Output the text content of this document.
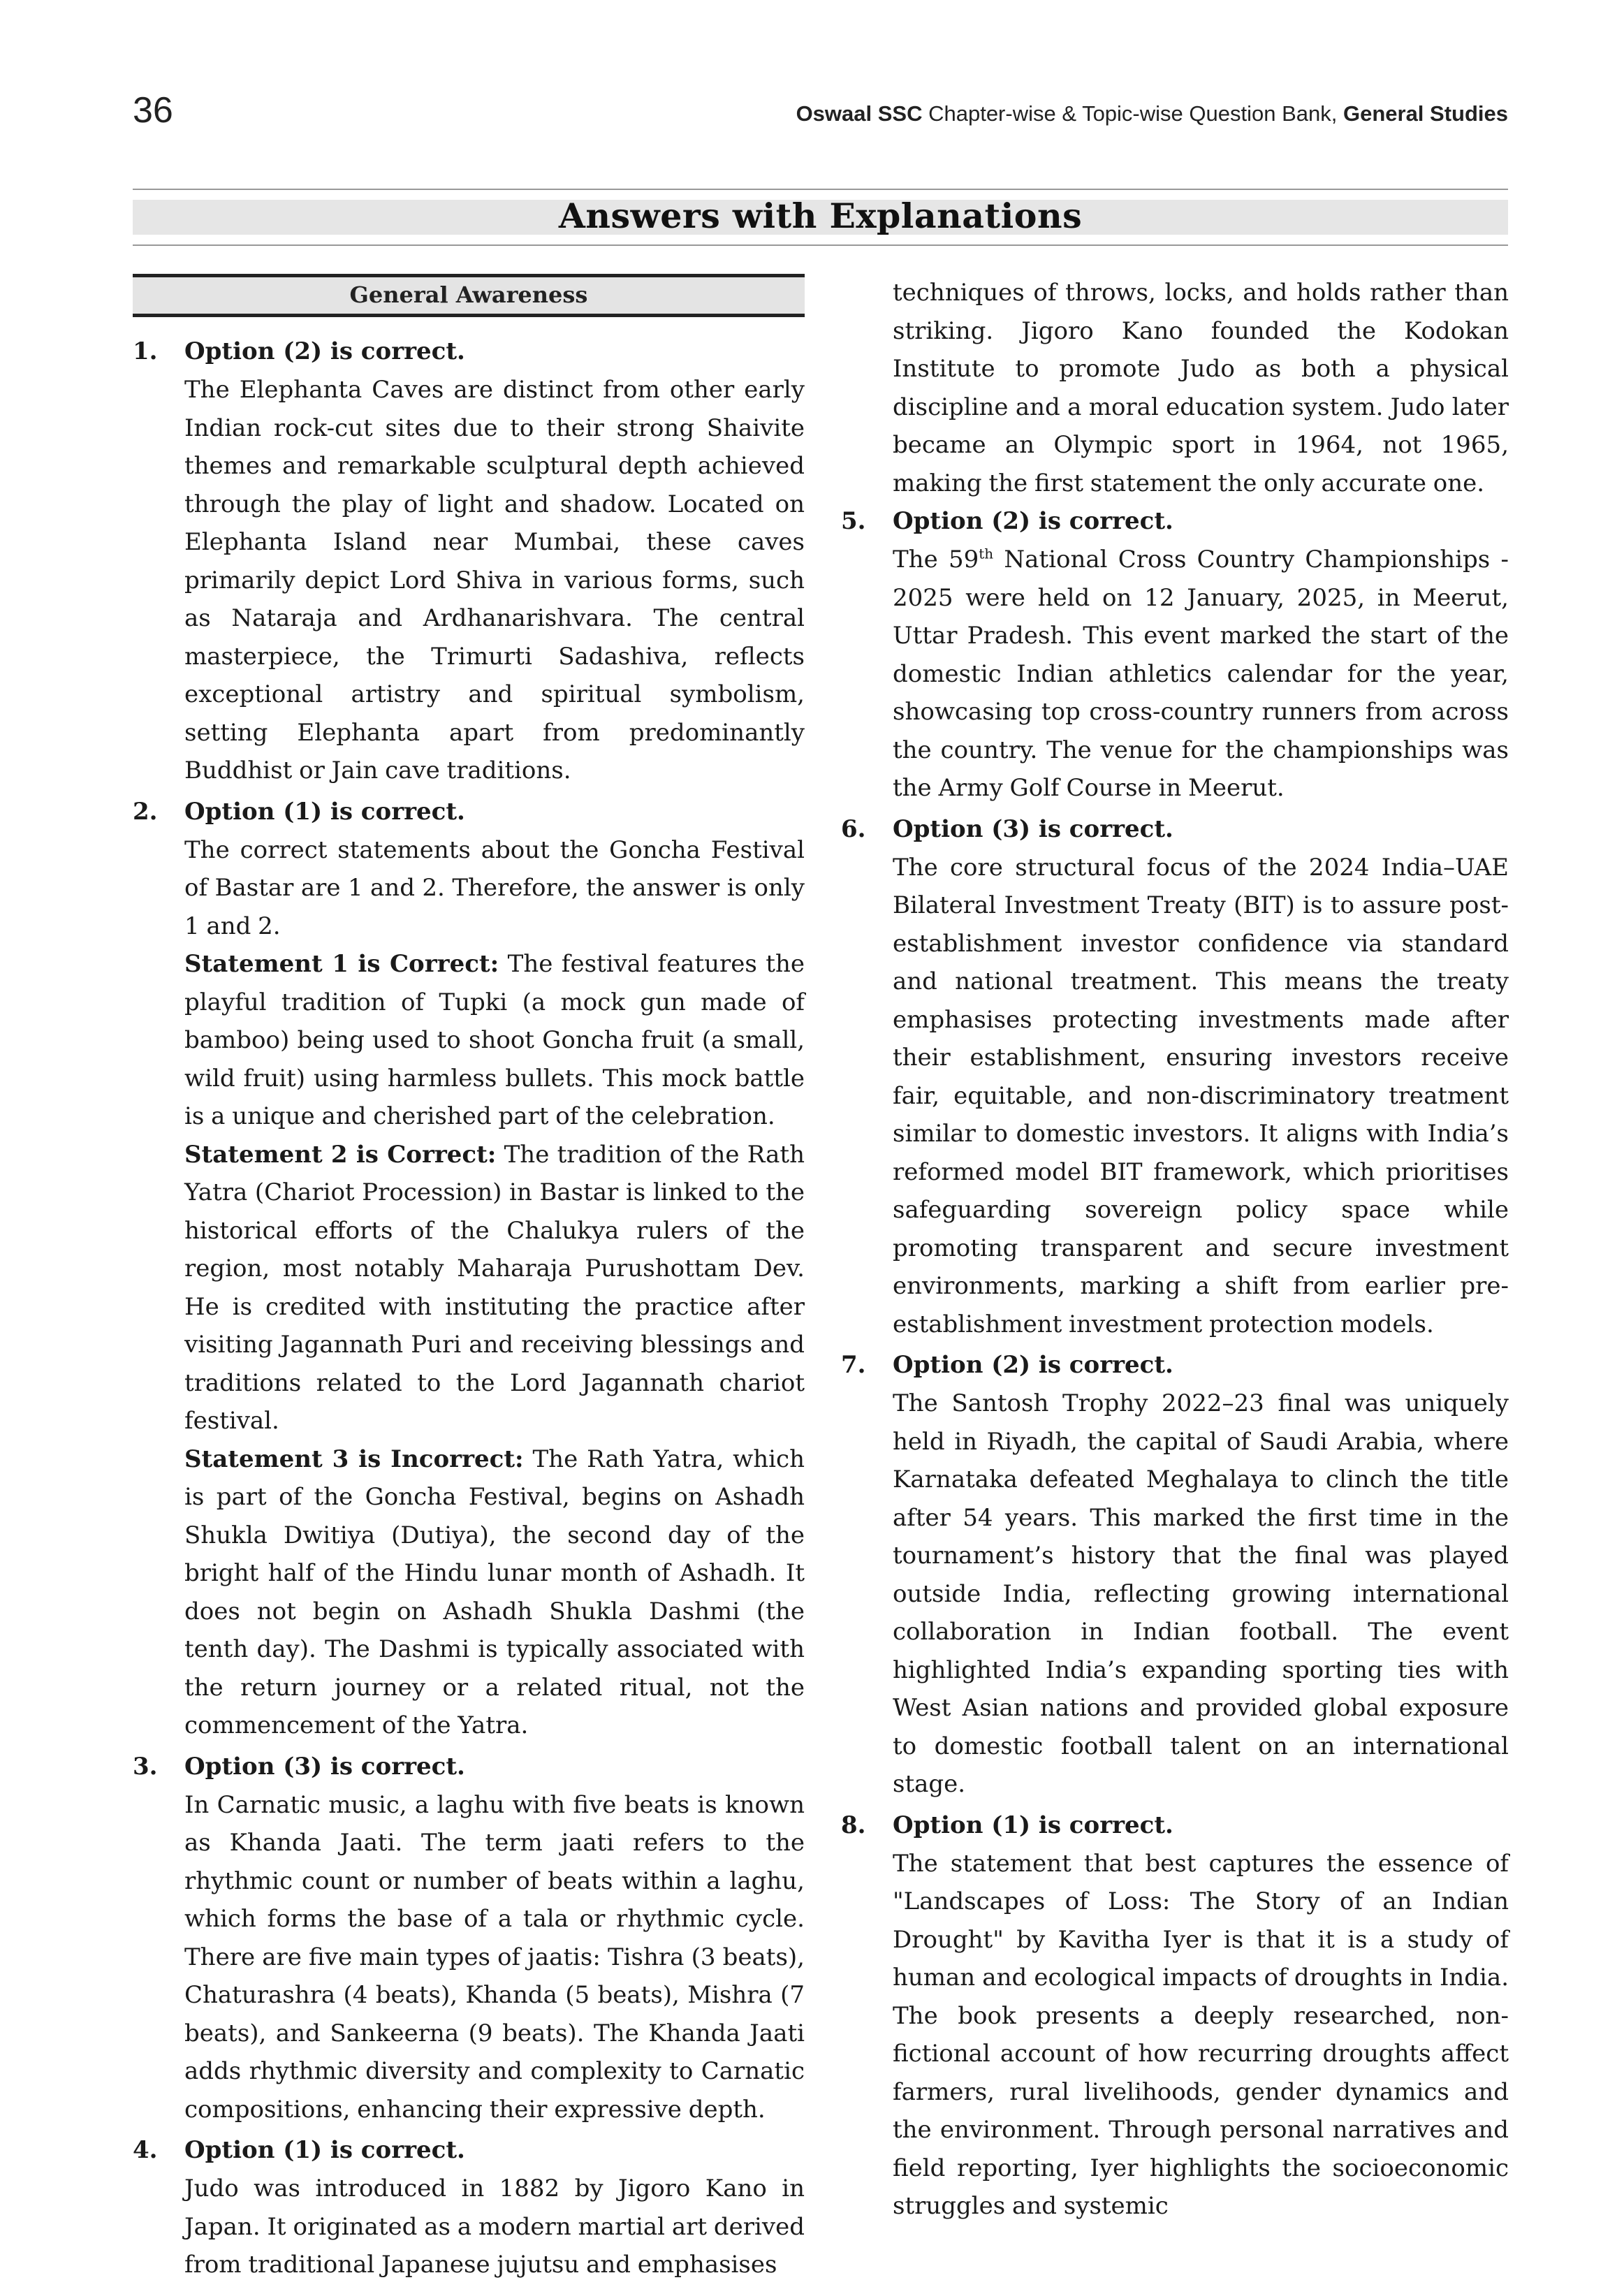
36	Oswaal SSC Chapter-wise & Topic-wise Question Bank, General Studies
Answers with Explanations
General Awareness
1. Option (2) is correct.

The Elephanta Caves are distinct from other early Indian rock-cut sites due to their strong Shaivite themes and remarkable sculptural depth achieved through the play of light and shadow. Located on Elephanta Island near Mumbai, these caves primarily depict Lord Shiva in various forms, such as Nataraja and Ardhanarishvara. The central masterpiece, the Trimurti Sadashiva, reflects exceptional artistry and spiritual symbolism, setting Elephanta apart from predominantly Buddhist or Jain cave traditions.

2. Option (1) is correct.

The correct statements about the Goncha Festival of Bastar are 1 and 2. Therefore, the answer is only 1 and 2.

Statement 1 is Correct: The festival features the playful tradition of Tupki (a mock gun made of bamboo) being used to shoot Goncha fruit (a small, wild fruit) using harmless bullets. This mock battle is a unique and cherished part of the celebration.

Statement 2 is Correct: The tradition of the Rath Yatra (Chariot Procession) in Bastar is linked to the historical efforts of the Chalukya rulers of the region, most notably Maharaja Purushottam Dev. He is credited with instituting the practice after visiting Jagannath Puri and receiving blessings and traditions related to the Lord Jagannath chariot festival.

Statement 3 is Incorrect: The Rath Yatra, which is part of the Goncha Festival, begins on Ashadh Shukla Dwitiya (Dutiya), the second day of the bright half of the Hindu lunar month of Ashadh. It does not begin on Ashadh Shukla Dashmi (the tenth day). The Dashmi is typically associated with the return journey or a related ritual, not the commencement of the Yatra.

3. Option (3) is correct.

In Carnatic music, a laghu with five beats is known as Khanda Jaati. The term jaati refers to the rhythmic count or number of beats within a laghu, which forms the base of a tala or rhythmic cycle. There are five main types of jaatis: Tishra (3 beats), Chaturashra (4 beats), Khanda (5 beats), Mishra (7 beats), and Sankeerna (9 beats). The Khanda Jaati adds rhythmic diversity and complexity to Carnatic compositions, enhancing their expressive depth.

4. Option (1) is correct.

Judo was introduced in 1882 by Jigoro Kano in Japan. It originated as a modern martial art derived from traditional Japanese jujutsu and emphasises

techniques of throws, locks, and holds rather than striking. Jigoro Kano founded the Kodokan Institute to promote Judo as both a physical discipline and a moral education system. Judo later became an Olympic sport in 1964, not 1965, making the first statement the only accurate one.

5. Option (2) is correct.

The 59th National Cross Country Championships - 2025 were held on 12 January, 2025, in Meerut, Uttar Pradesh. This event marked the start of the domestic Indian athletics calendar for the year, showcasing top cross-country runners from across the country. The venue for the championships was the Army Golf Course in Meerut.

6. Option (3) is correct.

The core structural focus of the 2024 India–UAE Bilateral Investment Treaty (BIT) is to assure post-establishment investor confidence via standard and national treatment. This means the treaty emphasises protecting investments made after their establishment, ensuring investors receive fair, equitable, and non-discriminatory treatment similar to domestic investors. It aligns with India’s reformed model BIT framework, which prioritises safeguarding sovereign policy space while promoting transparent and secure investment environments, marking a shift from earlier pre-establishment investment protection models.

7. Option (2) is correct.

The Santosh Trophy 2022–23 final was uniquely held in Riyadh, the capital of Saudi Arabia, where Karnataka defeated Meghalaya to clinch the title after 54 years. This marked the first time in the tournament’s history that the final was played outside India, reflecting growing international collaboration in Indian football. The event highlighted India’s expanding sporting ties with West Asian nations and provided global exposure to domestic football talent on an international stage.

8. Option (1) is correct.

The statement that best captures the essence of "Landscapes of Loss: The Story of an Indian Drought" by Kavitha Iyer is that it is a study of human and ecological impacts of droughts in India. The book presents a deeply researched, non-fictional account of how recurring droughts affect farmers, rural livelihoods, gender dynamics and the environment. Through personal narratives and field reporting, Iyer highlights the socioeconomic struggles and systemic
